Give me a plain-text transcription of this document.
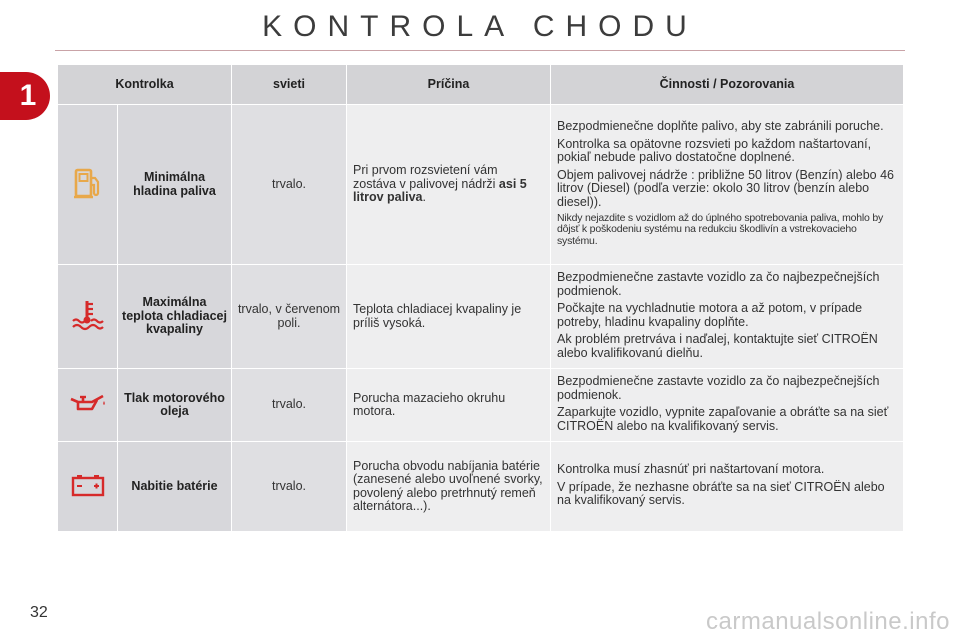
KONTROLA CHODU
1	Kontrolka		svieti	Príčina	Činnosti / Pozorovania
	Minimálna hladina paliva	trvalo.	Pri prvom rozsvietení vám zostáva v palivovej nádrži asi 5 litrov paliva.	Bezpodmienečne doplňte palivo, aby ste zabránili poruche.

Kontrolka sa opätovne rozsvieti po každom naštartovaní, pokiaľ nebude palivo dostatočne doplnené.

Objem palivovej nádrže : približne 50 litrov (Benzín) alebo 46 litrov (Diesel) (podľa verzie: okolo 30 litrov (benzín alebo diesel)).

Nikdy nejazdite s vozidlom až do úplného spotrebovania paliva, mohlo by dôjsť k poškodeniu systému na redukciu škodlivín a vstrekovacieho systému.

	Maximálna teplota chladiacej kvapaliny	trvalo, v červenom poli.	Teplota chladiacej kvapaliny je príliš vysoká.	Bezpodmienečne zastavte vozidlo za čo najbezpečnejších podmienok.

Počkajte na vychladnutie motora a až potom, v prípade potreby, hladinu kvapaliny doplňte.

Ak problém pretrváva i naďalej, kontaktujte sieť CITROËN alebo kvalifikovanú dielňu.

	Tlak motorového oleja	trvalo.	Porucha mazacieho okruhu motora.	Bezpodmienečne zastavte vozidlo za čo najbezpečnejších podmienok.

Zaparkujte vozidlo, vypnite zapaľovanie a obráťte sa na sieť CITROËN alebo na kvalifikovaný servis.

	Nabitie batérie	trvalo.	Porucha obvodu nabíjania batérie (zanesené alebo uvoľnené svorky, povolený alebo pretrhnutý remeň alternátora...).	Kontrolka musí zhasnúť pri naštartovaní motora.

V prípade, že nezhasne obráťte sa na sieť CITROËN alebo na kvalifikovaný servis.

32	carmanualsonline.info
